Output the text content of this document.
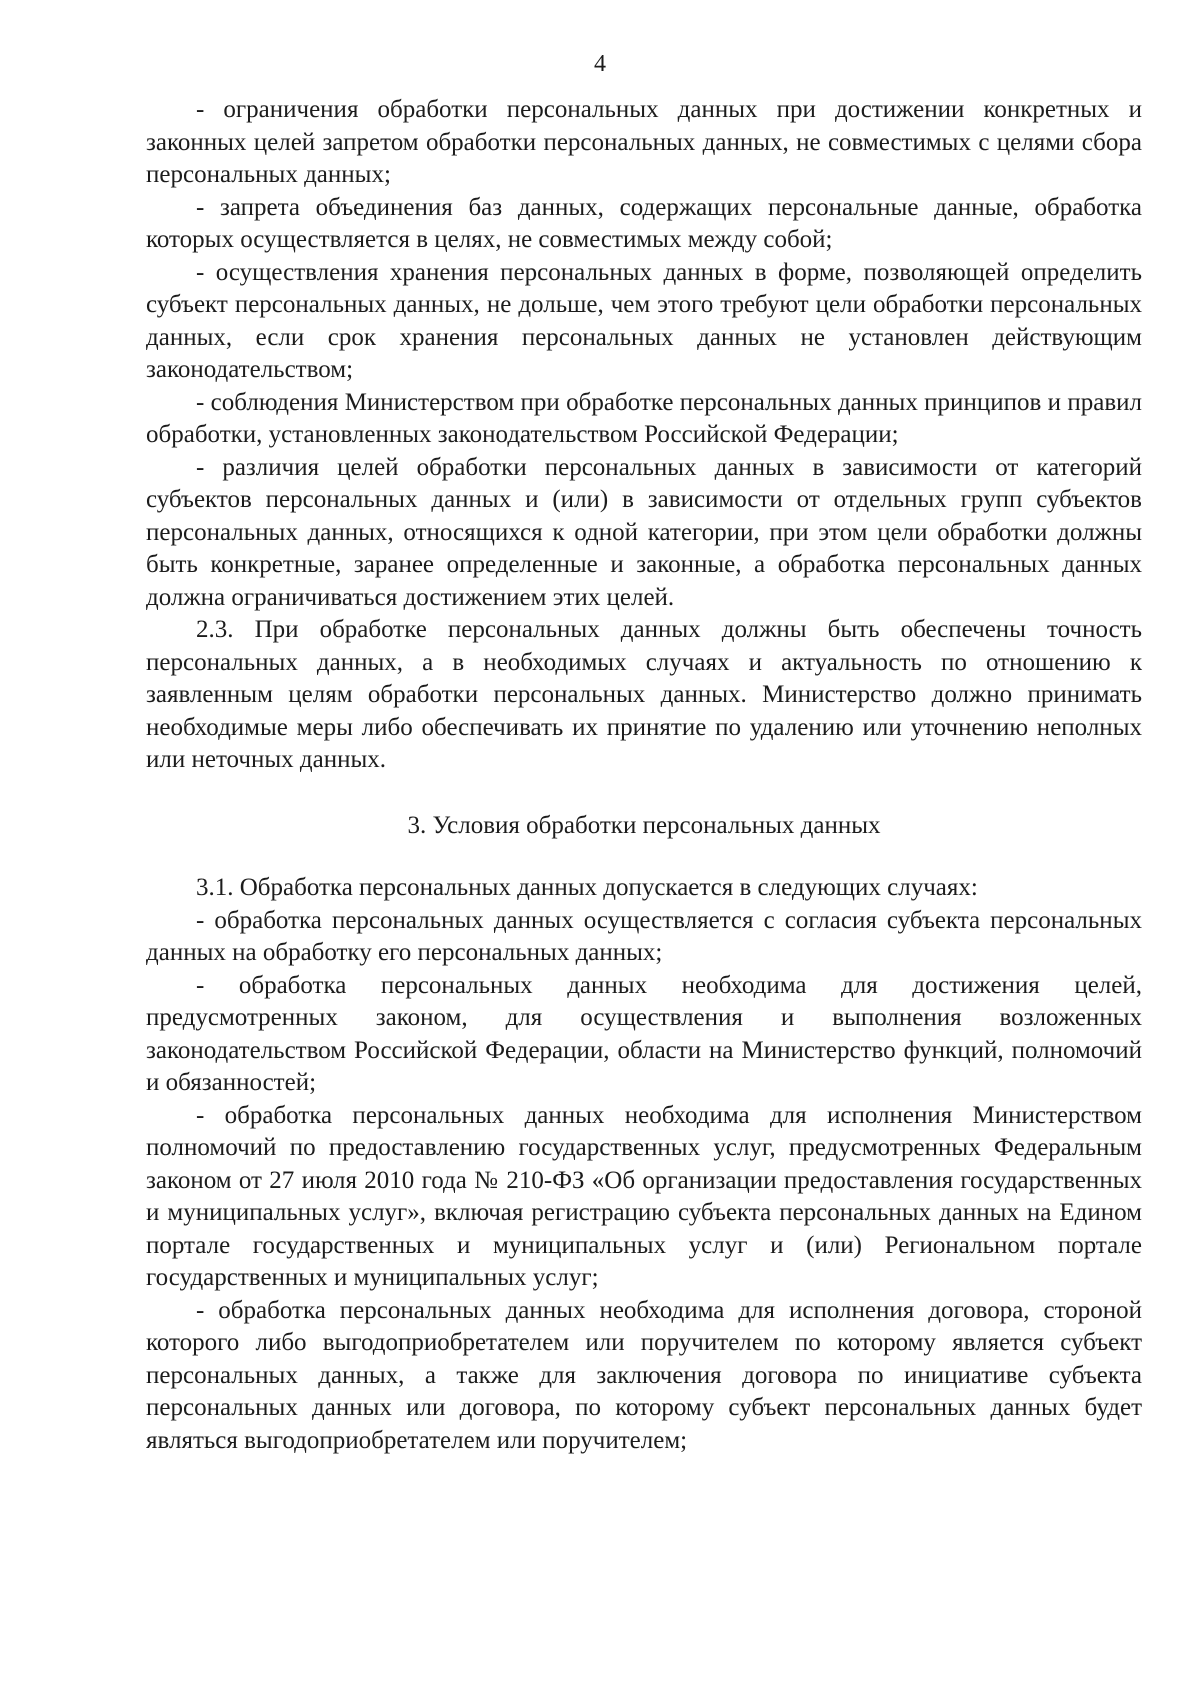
4

- ограничения обработки персональных данных при достижении конкретных и законных целей запретом обработки персональных данных, не совместимых с целями сбора персональных данных;

- запрета объединения баз данных, содержащих персональные данные, обработка которых осуществляется в целях, не совместимых между собой;

- осуществления хранения персональных данных в форме, позволяющей определить субъект персональных данных, не дольше, чем этого требуют цели обработки персональных данных, если срок хранения персональных данных не установлен действующим законодательством;

- соблюдения Министерством при обработке персональных данных принципов и правил обработки, установленных законодательством Российской Федерации;

- различия целей обработки персональных данных в зависимости от категорий субъектов персональных данных и (или) в зависимости от отдельных групп субъектов персональных данных, относящихся к одной категории, при этом цели обработки должны быть конкретные, заранее определенные и законные, а обработка персональных данных должна ограничиваться достижением этих целей.

2.3. При обработке персональных данных должны быть обеспечены точность персональных данных, а в необходимых случаях и актуальность по отношению к заявленным целям обработки персональных данных. Министерство должно принимать необходимые меры либо обеспечивать их принятие по удалению или уточнению неполных или неточных данных.

3. Условия обработки персональных данных

3.1. Обработка персональных данных допускается в следующих случаях:

- обработка персональных данных осуществляется с согласия субъекта персональных данных на обработку его персональных данных;

- обработка персональных данных необходима для достижения целей, предусмотренных законом, для осуществления и выполнения возложенных законодательством Российской Федерации, области на Министерство функций, полномочий и обязанностей;

- обработка персональных данных необходима для исполнения Министерством полномочий по предоставлению государственных услуг, предусмотренных Федеральным законом от 27 июля 2010 года № 210-ФЗ «Об организации предоставления государственных и муниципальных услуг», включая регистрацию субъекта персональных данных на Едином портале государственных и муниципальных услуг и (или) Региональном портале государственных и муниципальных услуг;

- обработка персональных данных необходима для исполнения договора, стороной которого либо выгодоприобретателем или поручителем по которому является субъект персональных данных, а также для заключения договора по инициативе субъекта персональных данных или договора, по которому субъект персональных данных будет являться выгодоприобретателем или поручителем;
